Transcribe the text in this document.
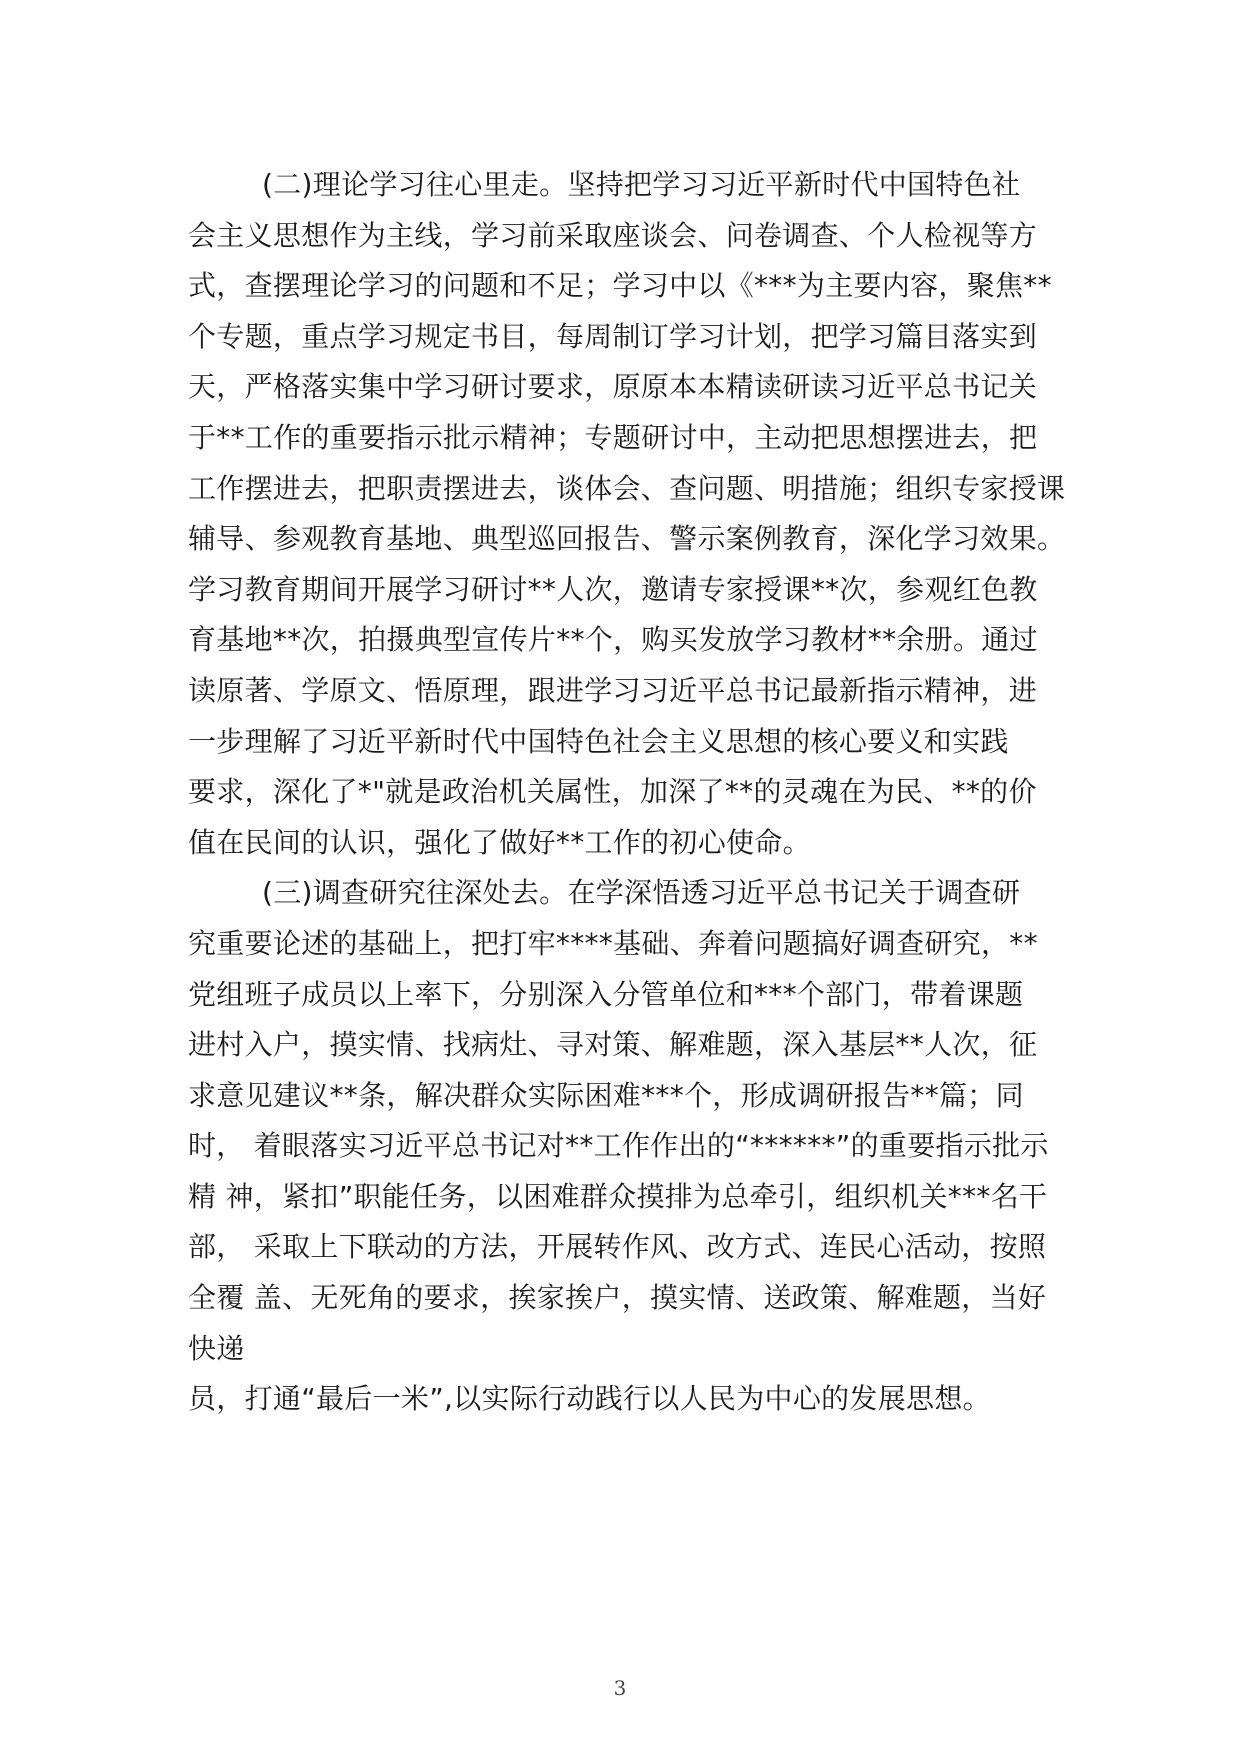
(二)理论学习往心里走。坚持把学习习近平新时代中国特色社
会主义思想作为主线，学习前采取座谈会、问卷调查、个人检视等方
式，查摆理论学习的问题和不足；学习中以《***为主要内容，聚焦**
个专题，重点学习规定书目，每周制订学习计划，把学习篇目落实到
天，严格落实集中学习研讨要求，原原本本精读研读习近平总书记关
于**工作的重要指示批示精神；专题研讨中，主动把思想摆进去，把
工作摆进去，把职责摆进去，谈体会、查问题、明措施；组织专家授课
辅导、参观教育基地、典型巡回报告、警示案例教育，深化学习效果。
学习教育期间开展学习研讨**人次，邀请专家授课**次，参观红色教
育基地**次，拍摄典型宣传片**个，购买发放学习教材**余册。通过
读原著、学原文、悟原理，跟进学习习近平总书记最新指示精神，进
一步理解了习近平新时代中国特色社会主义思想的核心要义和实践
要求，深化了*"就是政治机关属性，加深了**的灵魂在为民、**的价
值在民间的认识，强化了做好**工作的初心使命。
(三)调查研究往深处去。在学深悟透习近平总书记关于调查研
究重要论述的基础上，把打牢****基础、奔着问题搞好调查研究，**
党组班子成员以上率下，分别深入分管单位和***个部门，带着课题
进村入户，摸实情、找病灶、寻对策、解难题，深入基层**人次，征
求意见建议**条，解决群众实际困难***个，形成调研报告**篇；同
时， 着眼落实习近平总书记对**工作作出的“******”的重要指示批示
精 神，紧扣”职能任务，以困难群众摸排为总牵引，组织机关***名干
部， 采取上下联动的方法，开展转作风、改方式、连民心活动，按照
全覆 盖、无死角的要求，挨家挨户，摸实情、送政策、解难题，当好
快递
员，打通“最后一米”,以实际行动践行以人民为中心的发展思想。
3
